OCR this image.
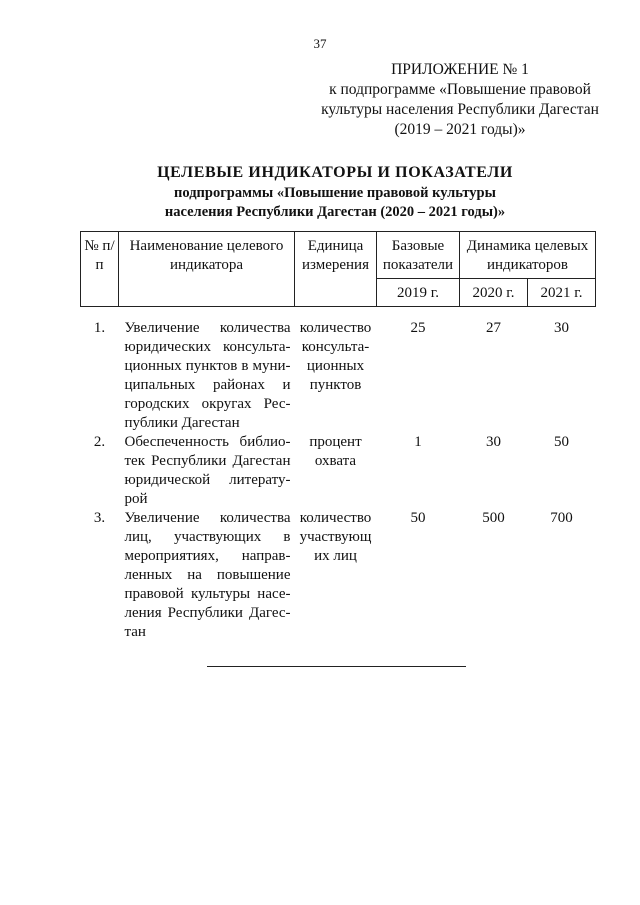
37
ПРИЛОЖЕНИЕ № 1
к подпрограмме «Повышение правовой
культуры населения Республики Дагестан
(2019 – 2021 годы)»
ЦЕЛЕВЫЕ ИНДИКАТОРЫ И ПОКАЗАТЕЛИ
подпрограммы «Повышение правовой культуры
населения Республики Дагестан (2020 – 2021 годы)»
№ п/п	Наименование целевого индикатора	Единица измерения	Базовые показатели	Динамика целевых индикаторов	
			2019 г.	2020 г.	2021 г.
1.	Увеличение количества юридических консульта-ционных пунктов в муни-ципальных районах и городских округах Рес-публики Дагестан	количество консульта-ционных пунктов	25	27	30
2.	Обеспеченность библио-тек Республики Дагестан юридической литерату-рой	процент охвата	1	30	50
3.	Увеличение количества лиц, участвующих в мероприятиях, направ-ленных на повышение правовой культуры насе-ления Республики Дагес-тан	количество участвующ их лиц	50	500	700
